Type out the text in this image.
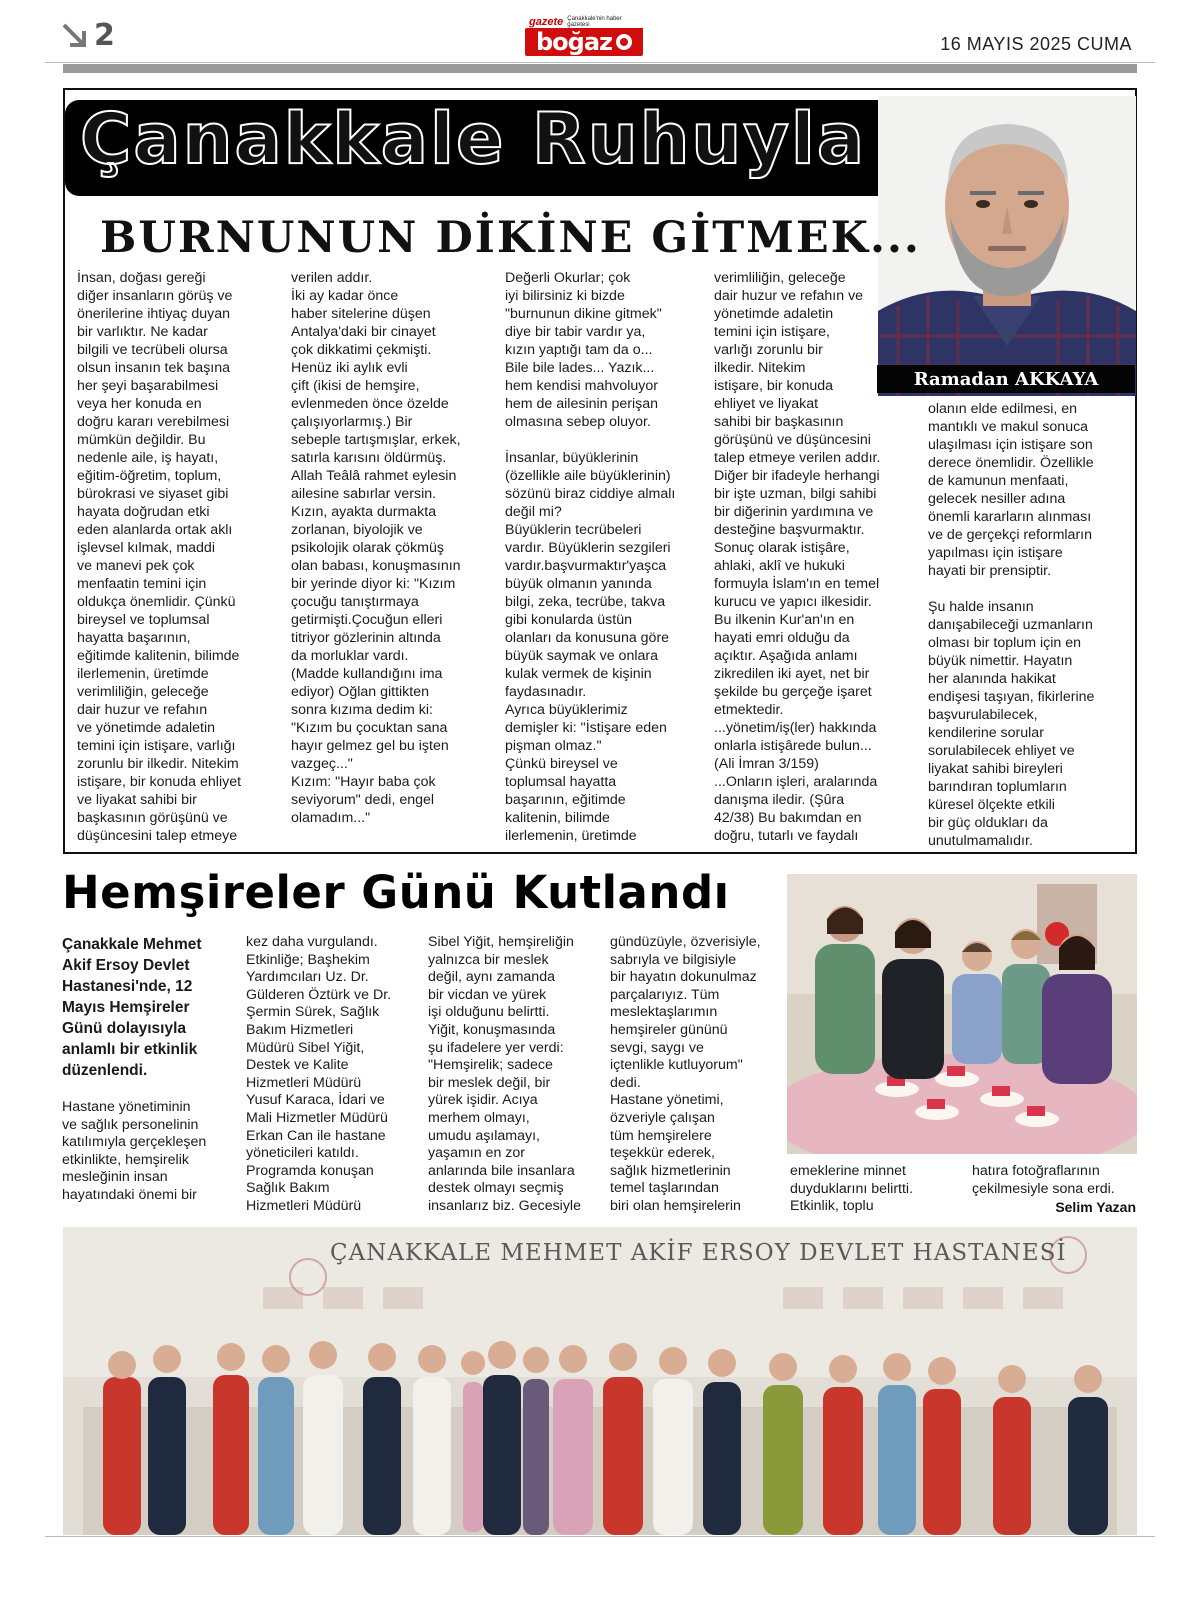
2	gazete Çanakkale'nin haber gazetesi
boğaz	16 MAYIS 2025 CUMA
Çanakkale Ruhuyla
Ramadan AKKAYA
BURNUNUN DİKİNE GİTMEK...
İnsan, doğası gereği
diğer insanların görüş ve
önerilerine ihtiyaç duyan
bir varlıktır. Ne kadar
bilgili ve tecrübeli olursa
olsun insanın tek başına
her şeyi başarabilmesi
veya her konuda en
doğru kararı verebilmesi
mümkün değildir. Bu
nedenle aile, iş hayatı,
eğitim-öğretim, toplum,
bürokrasi ve siyaset gibi
hayata doğrudan etki
eden alanlarda ortak aklı
işlevsel kılmak, maddi
ve manevi pek çok
menfaatin temini için
oldukça önemlidir. Çünkü
bireysel ve toplumsal
hayatta başarının,
eğitimde kalitenin, bilimde
ilerlemenin, üretimde
verimliliğin, geleceğe
dair huzur ve refahın
ve yönetimde adaletin
temini için istişare, varlığı
zorunlu bir ilkedir. Nitekim
istişare, bir konuda ehliyet
ve liyakat sahibi bir
başkasının görüşünü ve
düşüncesini talep etmeye
verilen addır.
İki ay kadar önce
haber sitelerine düşen
Antalya'daki bir cinayet
çok dikkatimi çekmişti.
Henüz iki aylık evli
çift (ikisi de hemşire,
evlenmeden önce özelde
çalışıyorlarmış.) Bir
sebeple tartışmışlar, erkek,
satırla karısını öldürmüş.
Allah Teâlâ rahmet eylesin
ailesine sabırlar versin.
Kızın, ayakta durmakta
zorlanan, biyolojik ve
psikolojik olarak çökmüş
olan babası, konuşmasının
bir yerinde diyor ki: "Kızım
çocuğu tanıştırmaya
getirmişti.Çocuğun elleri
titriyor gözlerinin altında
da morluklar vardı.
(Madde kullandığını ima
ediyor) Oğlan gittikten
sonra kızıma dedim ki:
"Kızım bu çocuktan sana
hayır gelmez gel bu işten
vazgeç..."
Kızım: "Hayır baba çok
seviyorum" dedi, engel
olamadım..."
Değerli Okurlar; çok
iyi bilirsiniz ki bizde
"burnunun dikine gitmek"
diye bir tabir vardır ya,
kızın yaptığı tam da o...
Bile bile lades... Yazık...
hem kendisi mahvoluyor
hem de ailesinin perişan
olmasına sebep oluyor.

İnsanlar, büyüklerinin
(özellikle aile büyüklerinin)
sözünü biraz ciddiye almalı
değil mi?
Büyüklerin tecrübeleri
vardır. Büyüklerin sezgileri
vardır.başvurmaktır'yaşca
büyük olmanın yanında
bilgi, zeka, tecrübe, takva
gibi konularda üstün
olanları da konusuna göre
büyük saymak ve onlara
kulak vermek de kişinin
faydasınadır.
Ayrıca büyüklerimiz
demişler ki: "İstişare eden
pişman olmaz."
Çünkü bireysel ve
toplumsal hayatta
başarının, eğitimde
kalitenin, bilimde
ilerlemenin, üretimde
verimliliğin, geleceğe
dair huzur ve refahın ve
yönetimde adaletin
temini için istişare,
varlığı zorunlu bir
ilkedir. Nitekim
istişare, bir konuda
ehliyet ve liyakat
sahibi bir başkasının
görüşünü ve düşüncesini
talep etmeye verilen addır.
Diğer bir ifadeyle herhangi
bir işte uzman, bilgi sahibi
bir diğerinin yardımına ve
desteğine başvurmaktır.
Sonuç olarak istişâre,
ahlaki, aklî ve hukuki
formuyla İslam'ın en temel
kurucu ve yapıcı ilkesidir.
Bu ilkenin Kur'an'ın en
hayati emri olduğu da
açıktır. Aşağıda anlamı
zikredilen iki ayet, net bir
şekilde bu gerçeğe işaret
etmektedir.
...yönetim/iş(ler) hakkında
onlarla istişârede bulun...
(Ali İmran 3/159)
...Onların işleri, aralarında
danışma iledir. (Şûra
42/38) Bu bakımdan en
doğru, tutarlı ve faydalı
olanın elde edilmesi, en
mantıklı ve makul sonuca
ulaşılması için istişare son
derece önemlidir. Özellikle
de kamunun menfaati,
gelecek nesiller adına
önemli kararların alınması
ve de gerçekçi reformların
yapılması için istişare
hayati bir prensiptir.

Şu halde insanın
danışabileceği uzmanların
olması bir toplum için en
büyük nimettir. Hayatın
her alanında hakikat
endişesi taşıyan, fikirlerine
başvurulabilecek,
kendilerine sorular
sorulabilecek ehliyet ve
liyakat sahibi bireyleri
barındıran toplumların
küresel ölçekte etkili
bir güç oldukları da
unutulmamalıdır.
Hemşireler Günü Kutlandı
Çanakkale Mehmet
Akif Ersoy Devlet
Hastanesi'nde, 12
Mayıs Hemşireler
Günü dolayısıyla
anlamlı bir etkinlik
düzenlendi.
Hastane yönetiminin
ve sağlık personelinin
katılımıyla gerçekleşen
etkinlikte, hemşirelik
mesleğinin insan
hayatındaki önemi bir
kez daha vurgulandı.
Etkinliğe; Başhekim
Yardımcıları Uz. Dr.
Gülderen Öztürk ve Dr.
Şermin Sürek, Sağlık
Bakım Hizmetleri
Müdürü Sibel Yiğit,
Destek ve Kalite
Hizmetleri Müdürü
Yusuf Karaca, İdari ve
Mali Hizmetler Müdürü
Erkan Can ile hastane
yöneticileri katıldı.
Programda konuşan
Sağlık Bakım
Hizmetleri Müdürü
Sibel Yiğit, hemşireliğin
yalnızca bir meslek
değil, aynı zamanda
bir vicdan ve yürek
işi olduğunu belirtti.
Yiğit, konuşmasında
şu ifadelere yer verdi:
"Hemşirelik; sadece
bir meslek değil, bir
yürek işidir. Acıya
merhem olmayı,
umudu aşılamayı,
yaşamın en zor
anlarında bile insanlara
destek olmayı seçmiş
insanlarız biz. Gecesiyle
gündüzüyle, özverisiyle,
sabrıyla ve bilgisiyle
bir hayatın dokunulmaz
parçalarıyız. Tüm
meslektaşlarımın
hemşireler gününü
sevgi, saygı ve
içtenlikle kutluyorum"
dedi.
Hastane yönetimi,
özveriyle çalışan
tüm hemşirelere
teşekkür ederek,
sağlık hizmetlerinin
temel taşlarından
biri olan hemşirelerin
emeklerine minnet
duyduklarını belirtti.
Etkinlik, toplu
hatıra fotoğraflarının
çekilmesiyle sona erdi.
Selim Yazan
ÇANAKKALE MEHMET AKİF ERSOY DEVLET HASTANESİ
